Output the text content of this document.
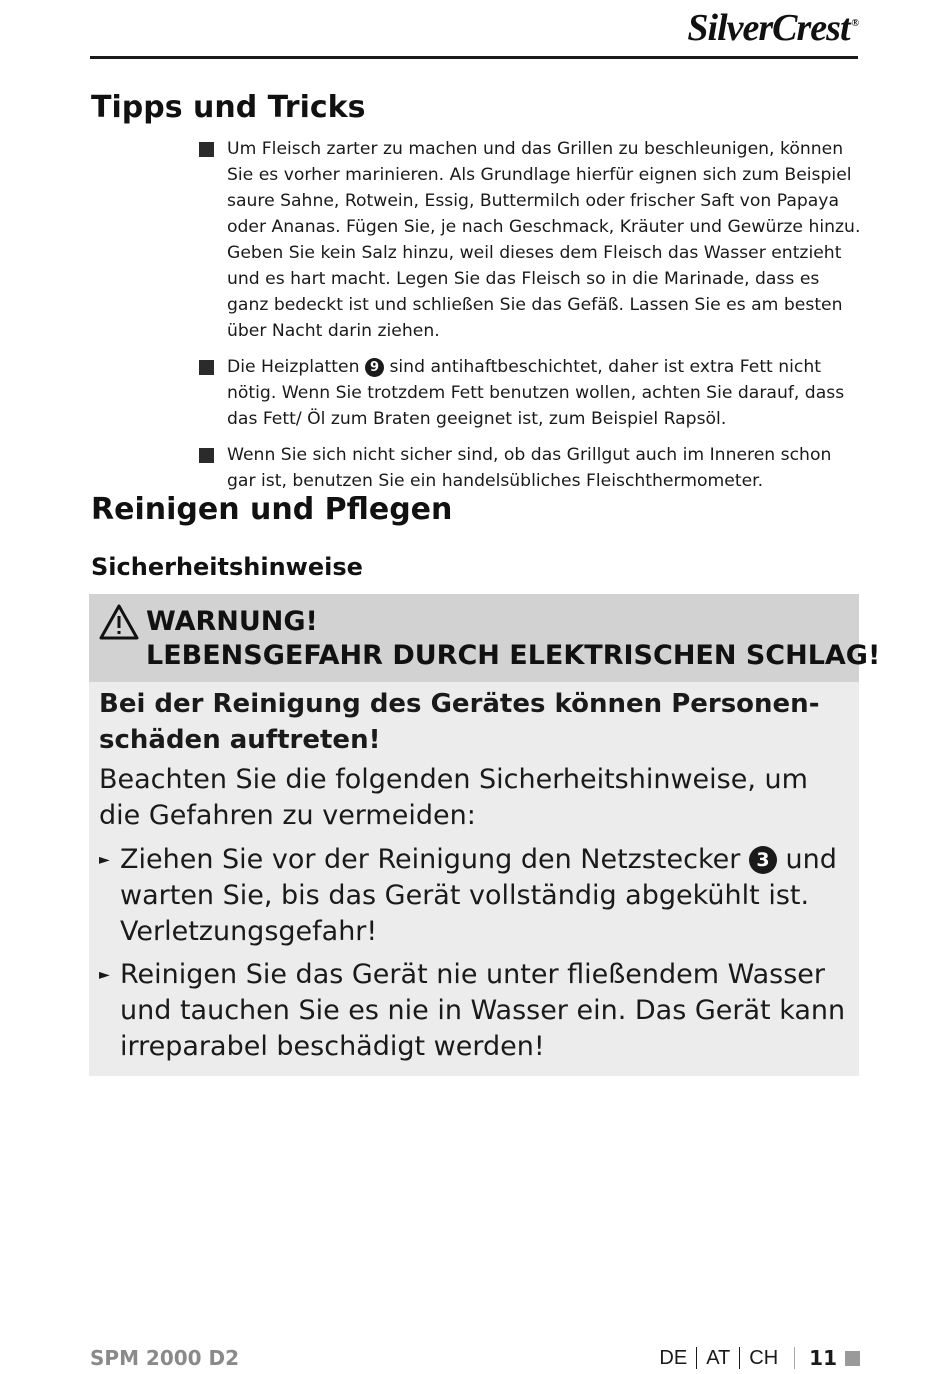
SilverCrest ®
Tipps und Tricks
Um Fleisch zarter zu machen und das Grillen zu beschleunigen, können Sie es vorher marinieren. Als Grundlage hierfür eignen sich zum Beispiel saure Sahne, Rotwein, Essig, Buttermilch oder frischer Saft von Papaya oder Ananas. Fügen Sie, je nach Geschmack, Kräuter und Gewürze hinzu. Geben Sie kein Salz hinzu, weil dieses dem Fleisch das Wasser entzieht und es hart macht. Legen Sie das Fleisch so in die Marinade, dass es ganz bedeckt ist und schließen Sie das Gefäß. Lassen Sie es am besten über Nacht darin ziehen.
Die Heizplatten 9 sind antihaftbeschichtet, daher ist extra Fett nicht nötig. Wenn Sie trotzdem Fett benutzen wollen, achten Sie darauf, dass das Fett/ Öl zum Braten geeignet ist, zum Beispiel Rapsöl.
Wenn Sie sich nicht sicher sind, ob das Grillgut auch im Inneren schon gar ist, benutzen Sie ein handelsübliches Fleischthermometer.
Reinigen und Pflegen
Sicherheitshinweise
WARNUNG!
LEBENSGEFAHR DURCH ELEKTRISCHEN SCHLAG!

Bei der Reinigung des Gerätes können Personen-schäden auftreten!

Beachten Sie die folgenden Sicherheitshinweise, um die Gefahren zu vermeiden:

► Ziehen Sie vor der Reinigung den Netzstecker 3 und warten Sie, bis das Gerät vollständig abgekühlt ist. Verletzungsgefahr!
► Reinigen Sie das Gerät nie unter fließendem Wasser und tauchen Sie es nie in Wasser ein. Das Gerät kann irreparabel beschädigt werden!
SPM 2000 D2	DE AT CH 11
